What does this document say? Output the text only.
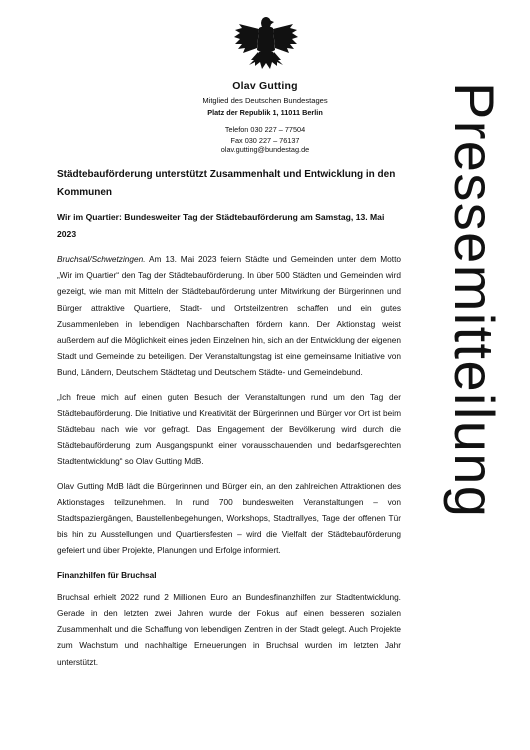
Olav Gutting
Mitglied des Deutschen Bundestages
Platz der Republik 1, 11011 Berlin
Telefon 030 227 – 77504
Fax 030 227 – 76137
olav.gutting@bundestag.de	Pressemitteilung
Städtebauförderung unterstützt Zusammenhalt und Entwicklung in den Kommunen
Wir im Quartier: Bundesweiter Tag der Städtebauförderung am Samstag, 13. Mai 2023

Bruchsal/Schwetzingen. Am 13. Mai 2023 feiern Städte und Gemeinden unter dem Motto „Wir im Quartier“ den Tag der Städtebauförderung. In über 500 Städten und Gemeinden wird gezeigt, wie man mit Mitteln der Städtebauförderung unter Mitwirkung der Bürgerinnen und Bürger attraktive Quartiere, Stadt- und Ortsteilzentren schaffen und ein gutes Zusammenleben in lebendigen Nachbarschaften fördern kann. Der Aktionstag weist außerdem auf die Möglichkeit eines jeden Einzelnen hin, sich an der Entwicklung der eigenen Stadt und Gemeinde zu beteiligen. Der Veranstaltungstag ist eine gemeinsame Initiative von Bund, Ländern, Deutschem Städtetag und Deutschem Städte- und Gemeindebund.

„Ich freue mich auf einen guten Besuch der Veranstaltungen rund um den Tag der Städtebauförderung. Die Initiative und Kreativität der Bürgerinnen und Bürger vor Ort ist beim Städtebau nach wie vor gefragt. Das Engagement der Bevölkerung wird durch die Städtebauförderung zum Ausgangspunkt einer vorausschauenden und bedarfsgerechten Stadtentwicklung“ so Olav Gutting MdB.

Olav Gutting MdB lädt die Bürgerinnen und Bürger ein, an den zahlreichen Attraktionen des Aktionstages teilzunehmen. In rund 700 bundesweiten Veranstaltungen – von Stadtspaziergängen, Baustellenbegehungen, Workshops, Stadtrallyes, Tage der offenen Tür bis hin zu Ausstellungen und Quartiersfesten – wird die Vielfalt der Städtebauförderung gefeiert und über Projekte, Planungen und Erfolge informiert.

Finanzhilfen für Bruchsal

Bruchsal erhielt 2022 rund 2 Millionen Euro an Bundesfinanzhilfen zur Stadtentwicklung. Gerade in den letzten zwei Jahren wurde der Fokus auf einen besseren sozialen Zusammenhalt und die Schaffung von lebendigen Zentren in der Stadt gelegt. Auch Projekte zum Wachstum und nachhaltige Erneuerungen in Bruchsal wurden im letzten Jahr unterstützt.
